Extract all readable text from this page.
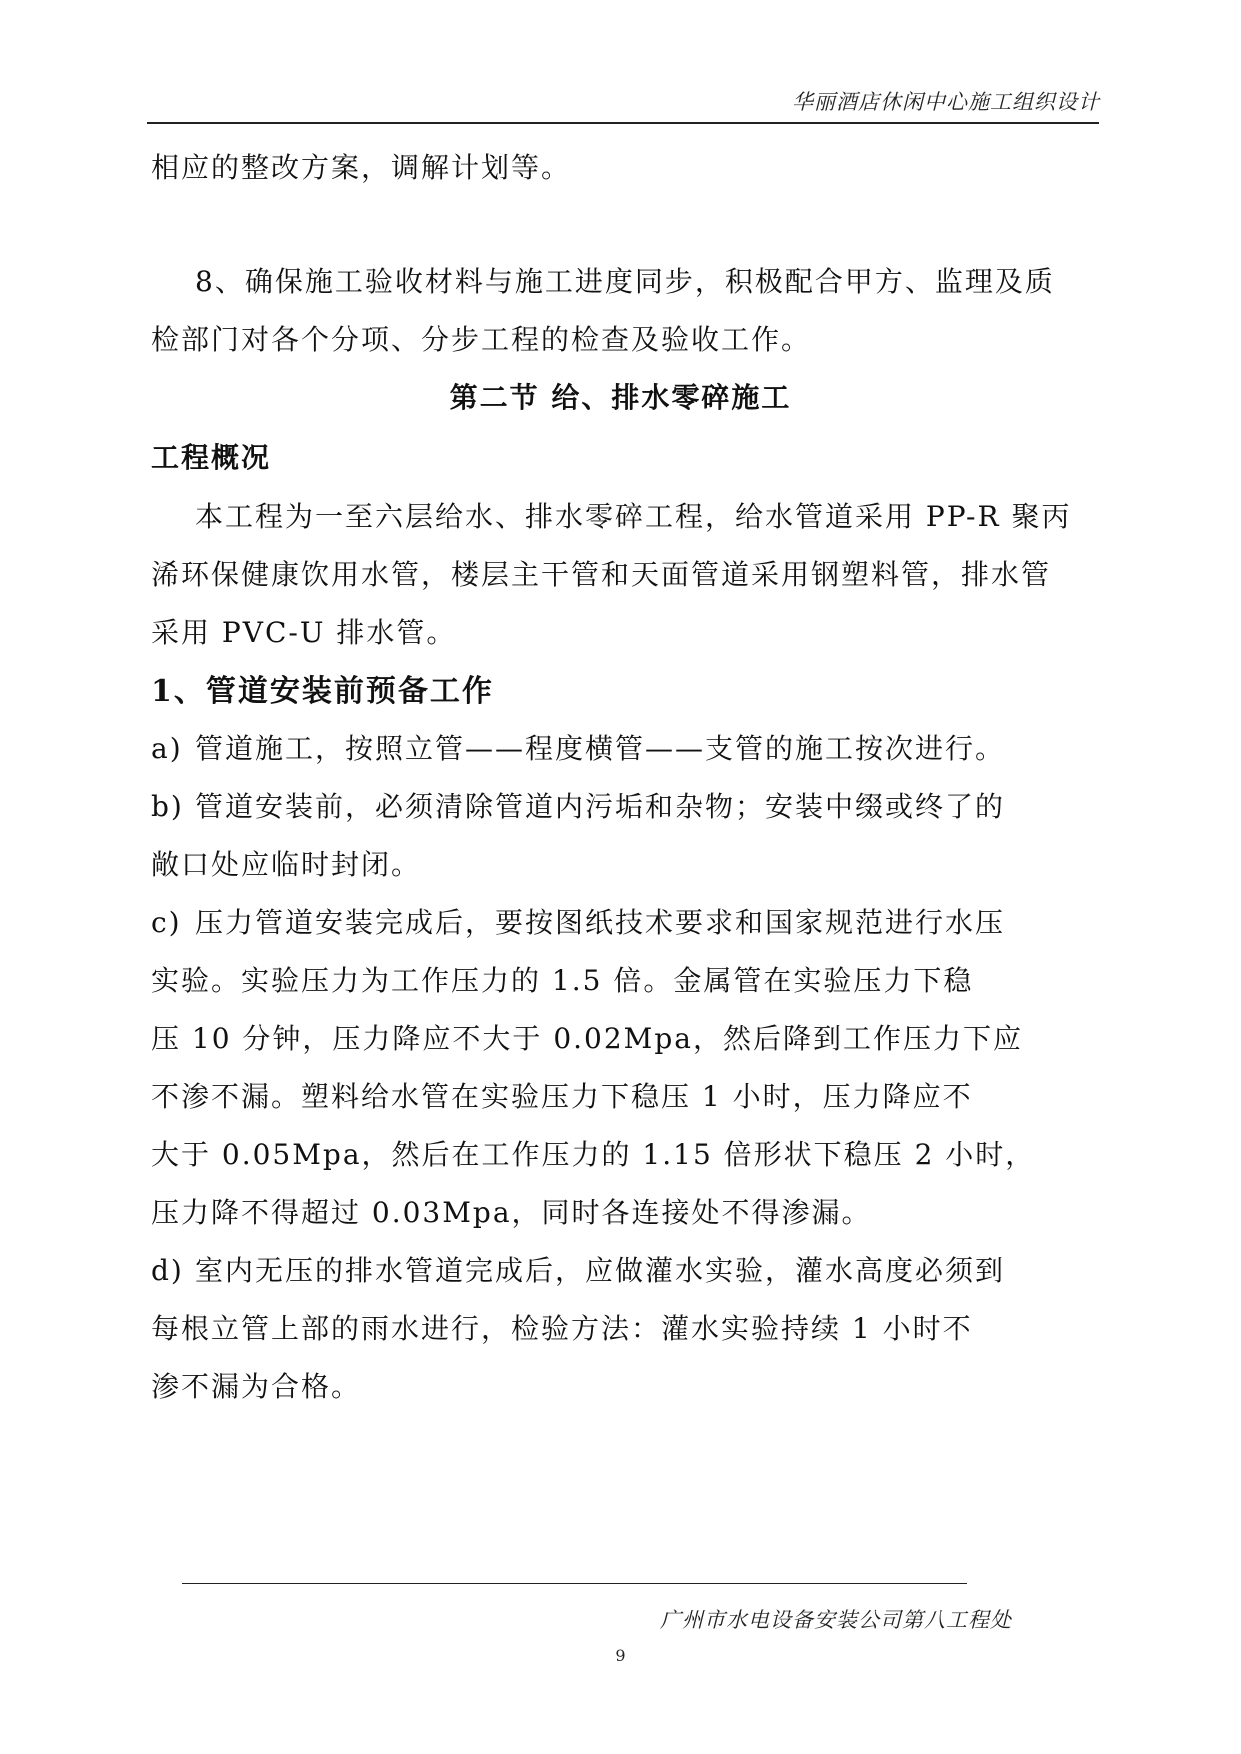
华丽酒店休闲中心施工组织设计
相应的整改方案，调解计划等。
8、确保施工验收材料与施工进度同步，积极配合甲方、监理及质
检部门对各个分项、分步工程的检查及验收工作。
第二节 给、排水零碎施工
工程概况
本工程为一至六层给水、排水零碎工程，给水管道采用 PP-R 聚丙
浠环保健康饮用水管，楼层主干管和天面管道采用钢塑料管，排水管
采用 PVC-U 排水管。
1、管道安装前预备工作
a) 管道施工，按照立管——程度横管——支管的施工按次进行。
b) 管道安装前，必须清除管道内污垢和杂物；安装中缀或终了的
敞口处应临时封闭。
c) 压力管道安装完成后，要按图纸技术要求和国家规范进行水压
实验。实验压力为工作压力的 1.5 倍。金属管在实验压力下稳
压 10 分钟，压力降应不大于 0.02Mpa，然后降到工作压力下应
不渗不漏。塑料给水管在实验压力下稳压 1 小时，压力降应不
大于 0.05Mpa，然后在工作压力的 1.15 倍形状下稳压 2 小时，
压力降不得超过 0.03Mpa，同时各连接处不得渗漏。
d) 室内无压的排水管道完成后，应做灌水实验，灌水高度必须到
每根立管上部的雨水进行，检验方法：灌水实验持续 1 小时不
渗不漏为合格。
广州市水电设备安装公司第八工程处
9
